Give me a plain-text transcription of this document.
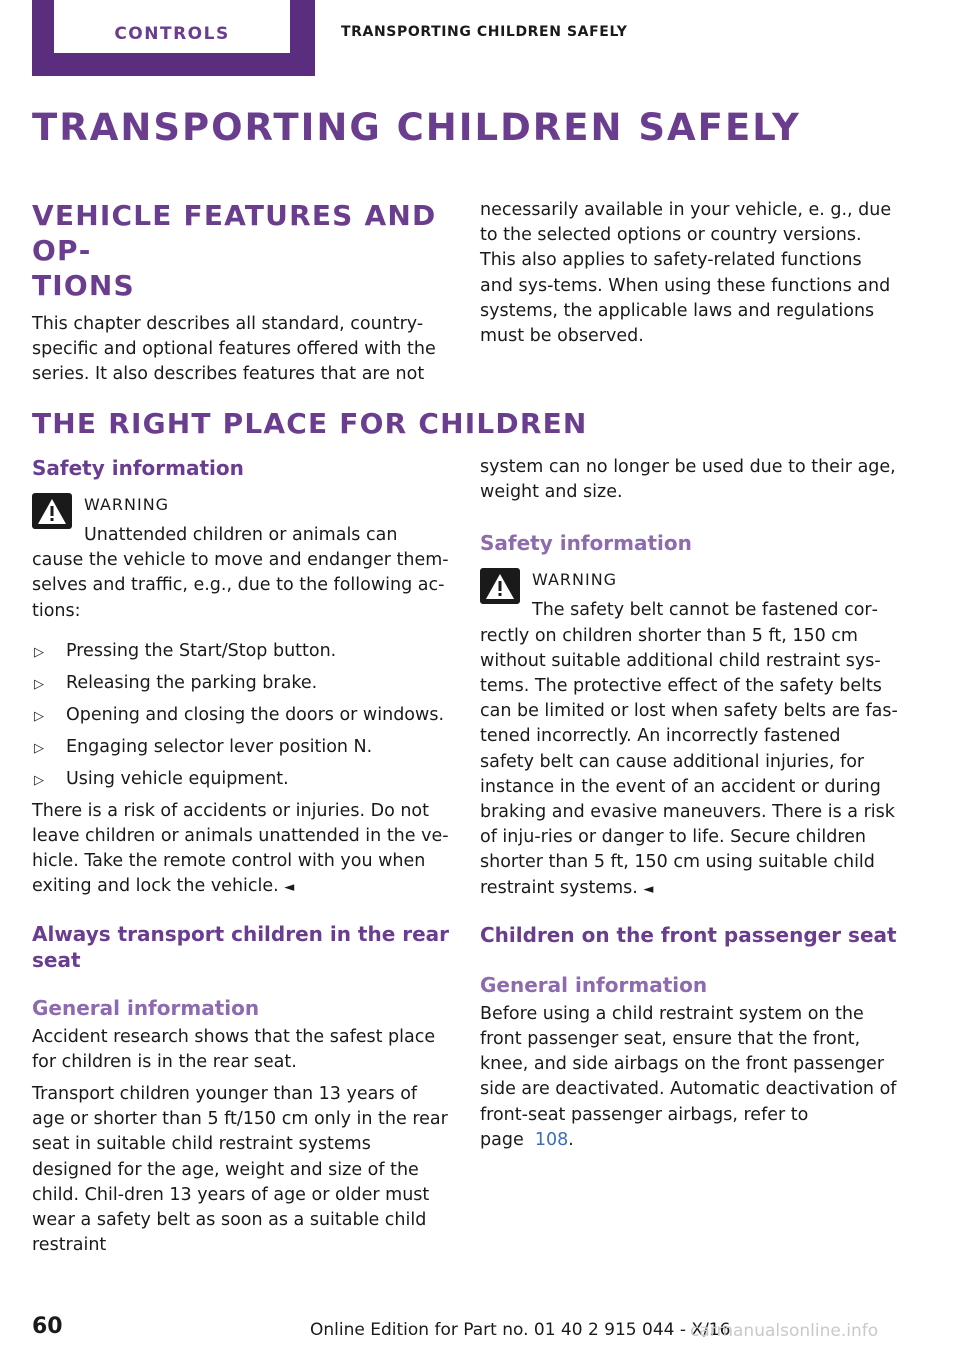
CONTROLS	TRANSPORTING CHILDREN SAFELY
TRANSPORTING CHILDREN SAFELY
VEHICLE FEATURES AND OP‐
TIONS

This chapter describes all standard, country-specific and optional features offered with the series. It also describes features that are not

necessarily available in your vehicle, e. g., due to the selected options or country versions. This also applies to safety-related functions and sys‐tems. When using these functions and systems, the applicable laws and regulations must be observed.

THE RIGHT PLACE FOR CHILDREN
Safety information
WARNING

Unattended children or animals can

cause the vehicle to move and endanger them‐selves and traffic, e.g., due to the following ac‐tions:

▷ Pressing the Start/Stop button.
▷ Releasing the parking brake.
▷ Opening and closing the doors or windows.
▷ Engaging selector lever position N.
▷ Using vehicle equipment.

There is a risk of accidents or injuries. Do not leave children or animals unattended in the ve‐hicle. Take the remote control with you when exiting and lock the vehicle. ◄

Always transport children in the rear seat
General information

Accident research shows that the safest place for children is in the rear seat.

Transport children younger than 13 years of age or shorter than 5 ft/150 cm only in the rear seat in suitable child restraint systems designed for the age, weight and size of the child. Chil‐dren 13 years of age or older must wear a safety belt as soon as a suitable child restraint

system can no longer be used due to their age, weight and size.

Safety information
WARNING

The safety belt cannot be fastened cor‐

rectly on children shorter than 5 ft, 150 cm without suitable additional child restraint sys‐tems. The protective effect of the safety belts can be limited or lost when safety belts are fas‐tened incorrectly. An incorrectly fastened safety belt can cause additional injuries, for instance in the event of an accident or during braking and evasive maneuvers. There is a risk of inju‐ries or danger to life. Secure children shorter than 5 ft, 150 cm using suitable child restraint systems. ◄

Children on the front passenger seat
General information

Before using a child restraint system on the front passenger seat, ensure that the front, knee, and side airbags on the front passenger side are deactivated. Automatic deactivation of front-seat passenger airbags, refer to
page 108.

60	Online Edition for Part no. 01 40 2 915 044 - X/16
carmanualsonline.info
